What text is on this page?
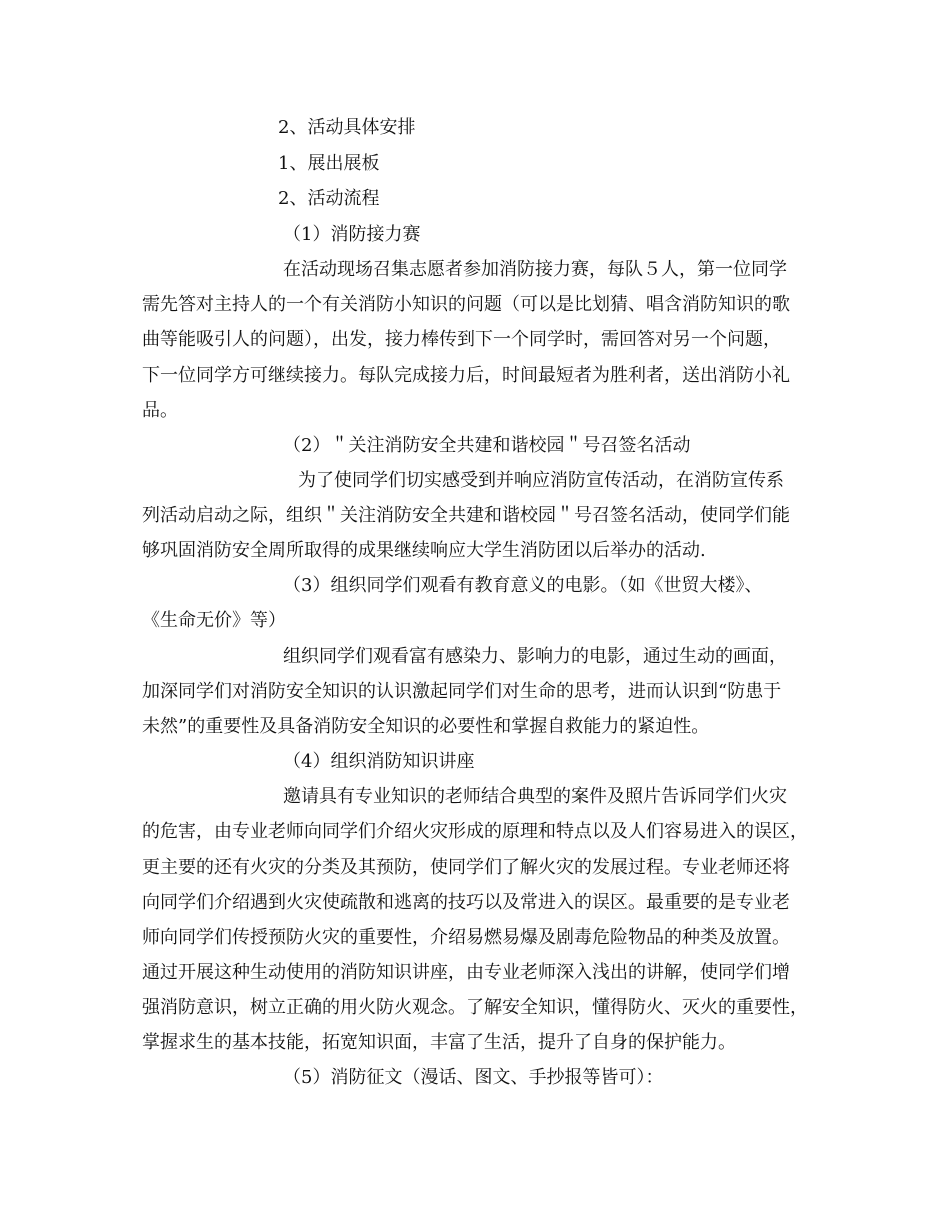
2、活动具体安排
1、展出展板
2、活动流程
（1）消防接力赛
在活动现场召集志愿者参加消防接力赛，每队５人，第一位同学
需先答对主持人的一个有关消防小知识的问题（可以是比划猜、唱含消防知识的歌
曲等能吸引人的问题），出发，接力棒传到下一个同学时，需回答对另一个问题，
下一位同学方可继续接力。每队完成接力后，时间最短者为胜利者，送出消防小礼
品。
（2）＂关注消防安全共建和谐校园＂号召签名活动
为了使同学们切实感受到并响应消防宣传活动，在消防宣传系
列活动启动之际，组织＂关注消防安全共建和谐校园＂号召签名活动，使同学们能
够巩固消防安全周所取得的成果继续响应大学生消防团以后举办的活动.
（3）组织同学们观看有教育意义的电影。（如《世贸大楼》、
《生命无价》等）
组织同学们观看富有感染力、影响力的电影，通过生动的画面，
加深同学们对消防安全知识的认识激起同学们对生命的思考，进而认识到“防患于
未然”的重要性及具备消防安全知识的必要性和掌握自救能力的紧迫性。
（4）组织消防知识讲座
邀请具有专业知识的老师结合典型的案件及照片告诉同学们火灾
的危害，由专业老师向同学们介绍火灾形成的原理和特点以及人们容易进入的误区，
更主要的还有火灾的分类及其预防，使同学们了解火灾的发展过程。专业老师还将
向同学们介绍遇到火灾使疏散和逃离的技巧以及常进入的误区。最重要的是专业老
师向同学们传授预防火灾的重要性，介绍易燃易爆及剧毒危险物品的种类及放置。
通过开展这种生动使用的消防知识讲座，由专业老师深入浅出的讲解，使同学们增
强消防意识，树立正确的用火防火观念。了解安全知识，懂得防火、灭火的重要性，
掌握求生的基本技能，拓宽知识面，丰富了生活，提升了自身的保护能力。
（5）消防征文（漫话、图文、手抄报等皆可）：
